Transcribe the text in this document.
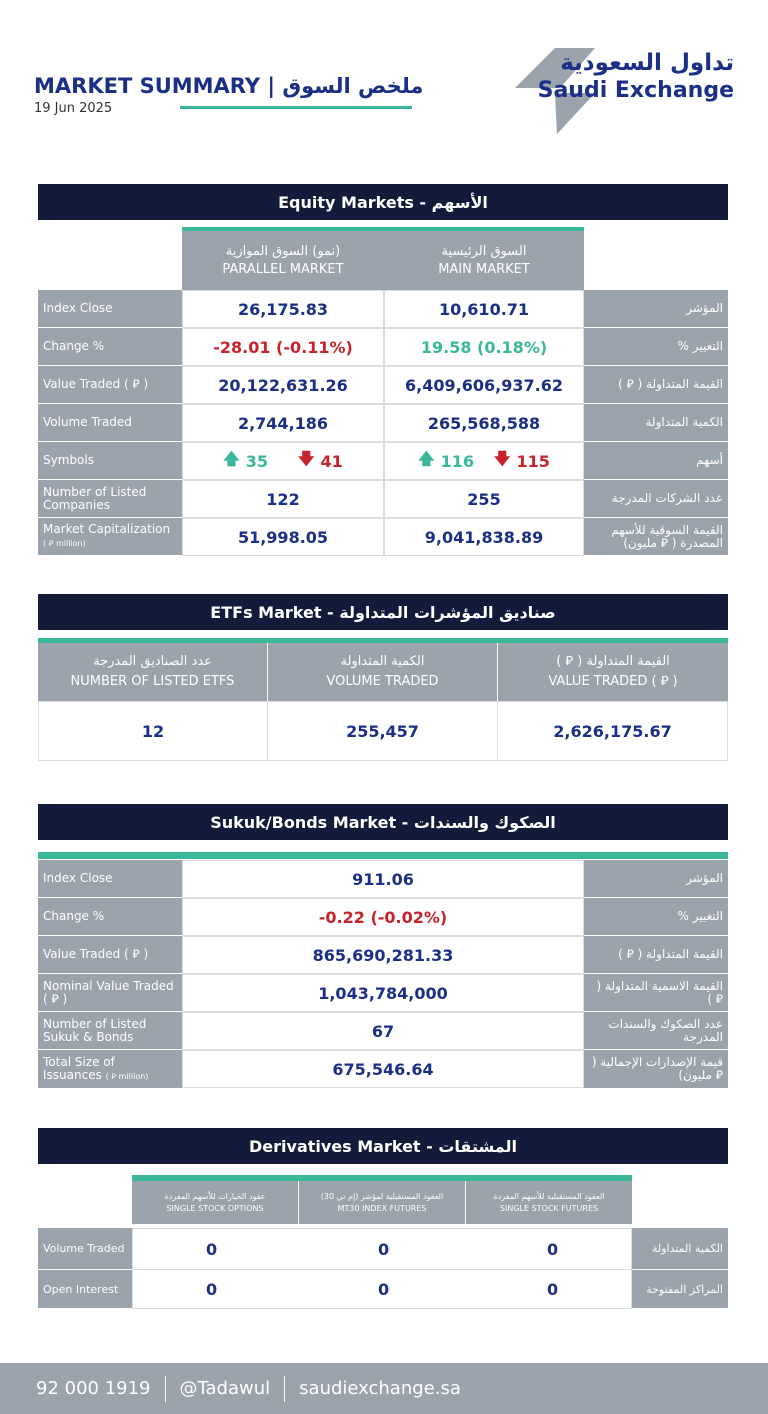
MARKET SUMMARY | ملخص السوق
19 Jun 2025
تداول السعودية
Saudi Exchange
Equity Markets - الأسهم
(نمو) السوق الموازية
PARALLEL MARKET
السوق الرئيسية
MAIN MARKET
Index Close	26,175.83	10,610.71	المؤشر
Change %	-28.01 (-0.11%)	19.58 (0.18%)	التغيير %
Value Traded ( ⃁ )	20,122,631.26	6,409,606,937.62	القيمة المتداولة ( ⃁ )
Volume Traded	2,744,186	265,568,588	الكمية المتداولة
Symbols	🡅 35 🡇 41	🡅 116 🡇 115	أسهم
Number of Listed Companies	122	255	عدد الشركات المدرجة
Market Capitalization ( ⃁ million)	51,998.05	9,041,838.89	القيمة السوقية للأسهم المصدرة ( ⃁ مليون)
ETFs Market - صناديق المؤشرات المتداولة
عدد الصناديق المدرجة
NUMBER OF LISTED ETFS
الكمية المتداولة
VOLUME TRADED
القيمة المتداولة ( ⃁ )
VALUE TRADED ( ⃁ )
12	255,457	2,626,175.67
Sukuk/Bonds Market - الصكوك والسندات
Index Close	911.06	المؤشر
Change %	-0.22 (-0.02%)	التغيير %
Value Traded ( ⃁ )	865,690,281.33	القيمة المتداولة ( ⃁ )
Nominal Value Traded ( ⃁ )	1,043,784,000	القيمة الاسمية المتداولة ( ⃁ )
Number of Listed Sukuk & Bonds	67	عدد الصكوك والسندات المدرجة
Total Size of Issuances ( ⃁ million)	675,546.64	قيمة الإصدارات الإجمالية ( ⃁ مليون)
Derivatives Market - المشتقات
عقود الخيارات للأسهم المفردة
SINGLE STOCK OPTIONS
العقود المستقبلية لمؤشر (إم تي 30)
MT30 INDEX FUTURES
العقود المستقبلية للأسهم المفردة
SINGLE STOCK FUTURES
Volume Traded	0	0	0	الكمية المتداولة
Open Interest	0	0	0	المراكز المفتوحة
92 000 1919 @Tadawul saudiexchange.sa
